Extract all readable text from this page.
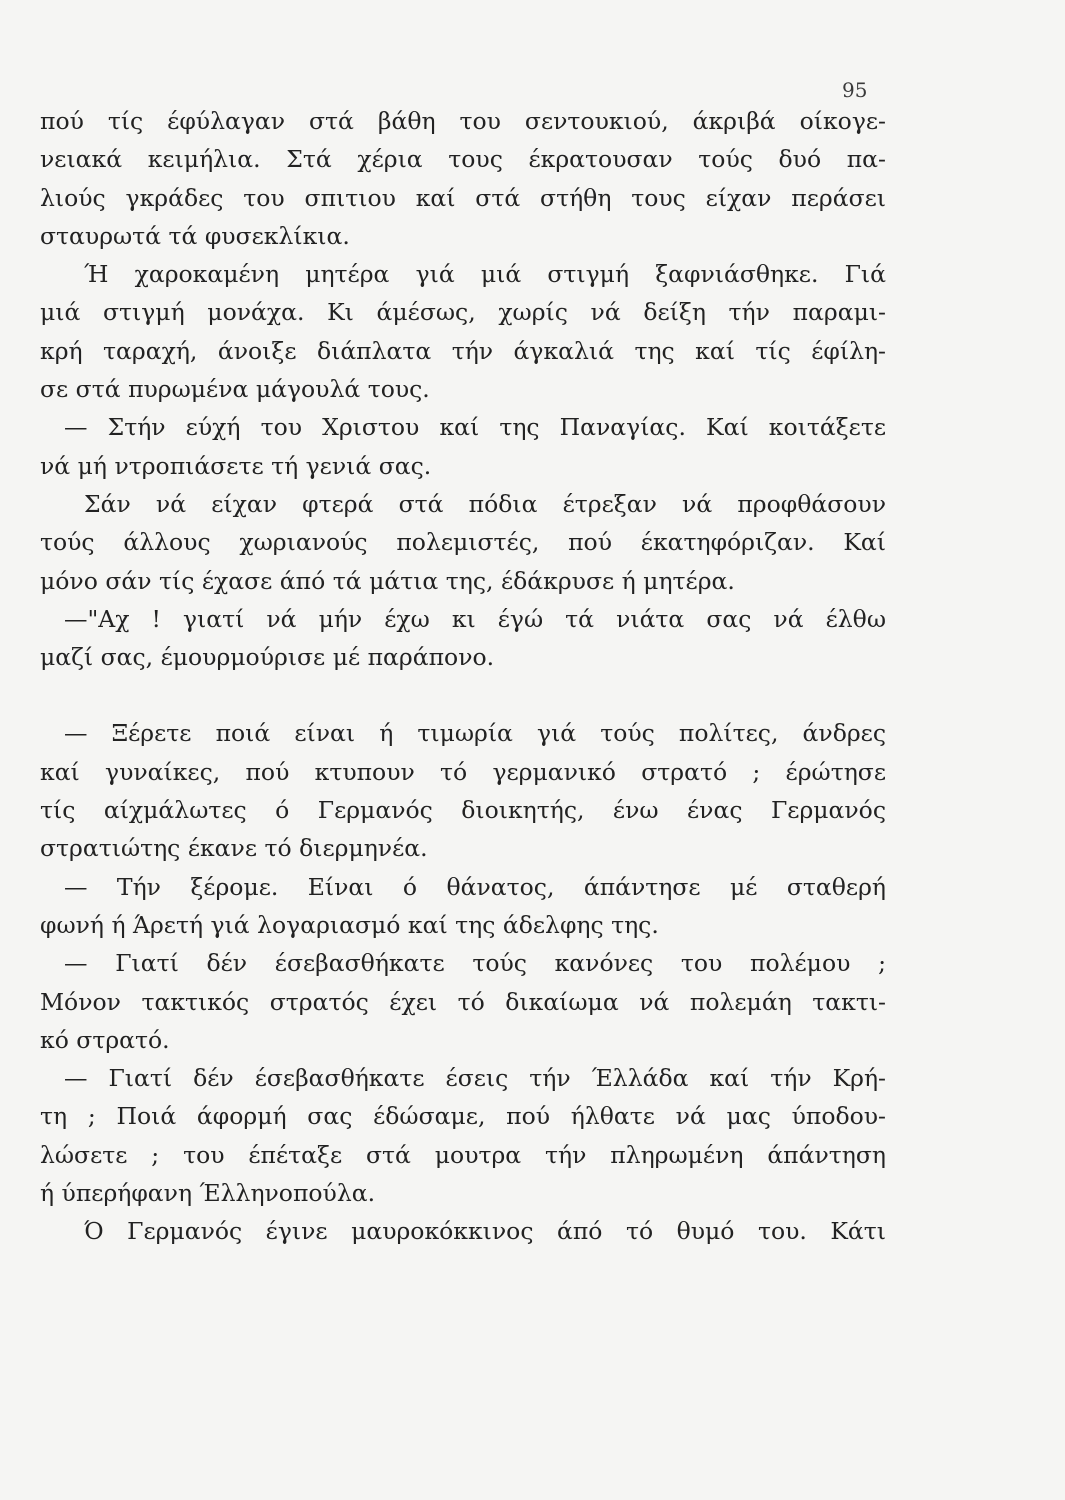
95
πού τίς έφύλαγαν στά βάθη του σεντουκιού, άκριβά οίκογε-
νειακά κειμήλια. Στά χέρια τους έκρατουσαν τούς δυό πα-
λιούς γκράδες του σπιτιου καί στά στήθη τους είχαν περάσει
σταυρωτά τά φυσεκλίκια.
Ή χαροκαμένη μητέρα γιά μιά στιγμή ξαφνιάσθηκε. Γιά
μιά στιγμή μονάχα. Κι άμέσως, χωρίς νά δείξη τήν παραμι-
κρή ταραχή, άνοιξε διάπλατα τήν άγκαλιά της καί τίς έφίλη-
σε στά πυρωμένα μάγουλά τους.
— Στήν εύχή του Χριστου καί της Παναγίας. Καί κοιτάξετε
νά μή ντροπιάσετε τή γενιά σας.
Σάν νά είχαν φτερά στά πόδια έτρεξαν νά προφθάσουν
τούς άλλους χωριανούς πολεμιστές, πού έκατηφόριζαν. Καί
μόνο σάν τίς έχασε άπό τά μάτια της, έδάκρυσε ή μητέρα.
—"Αχ ! γιατί νά μήν έχω κι έγώ τά νιάτα σας νά έλθω
μαζί σας, έμουρμούρισε μέ παράπονο.
— Ξέρετε ποιά είναι ή τιμωρία γιά τούς πολίτες, άνδρες
καί γυναίκες, πού κτυπουν τό γερμανικό στρατό ; έρώτησε
τίς αίχμάλωτες ό Γερμανός διοικητής, ένω ένας Γερμανός
στρατιώτης έκανε τό διερμηνέα.
— Τήν ξέρομε. Είναι ό θάνατος, άπάντησε μέ σταθερή
φωνή ή Άρετή γιά λογαριασμό καί της άδελφης της.
— Γιατί δέν έσεβασθήκατε τούς κανόνες του πολέμου ;
Μόνον τακτικός στρατός έχει τό δικαίωμα νά πολεμάη τακτι-
κό στρατό.
— Γιατί δέν έσεβασθήκατε έσεις τήν Έλλάδα καί τήν Κρή-
τη ; Ποιά άφορμή σας έδώσαμε, πού ήλθατε νά μας ύποδου-
λώσετε ; του έπέταξε στά μουτρα τήν πληρωμένη άπάντηση
ή ύπερήφανη Έλληνοπούλα.
Ό Γερμανός έγινε μαυροκόκκινος άπό τό θυμό του. Κάτι
